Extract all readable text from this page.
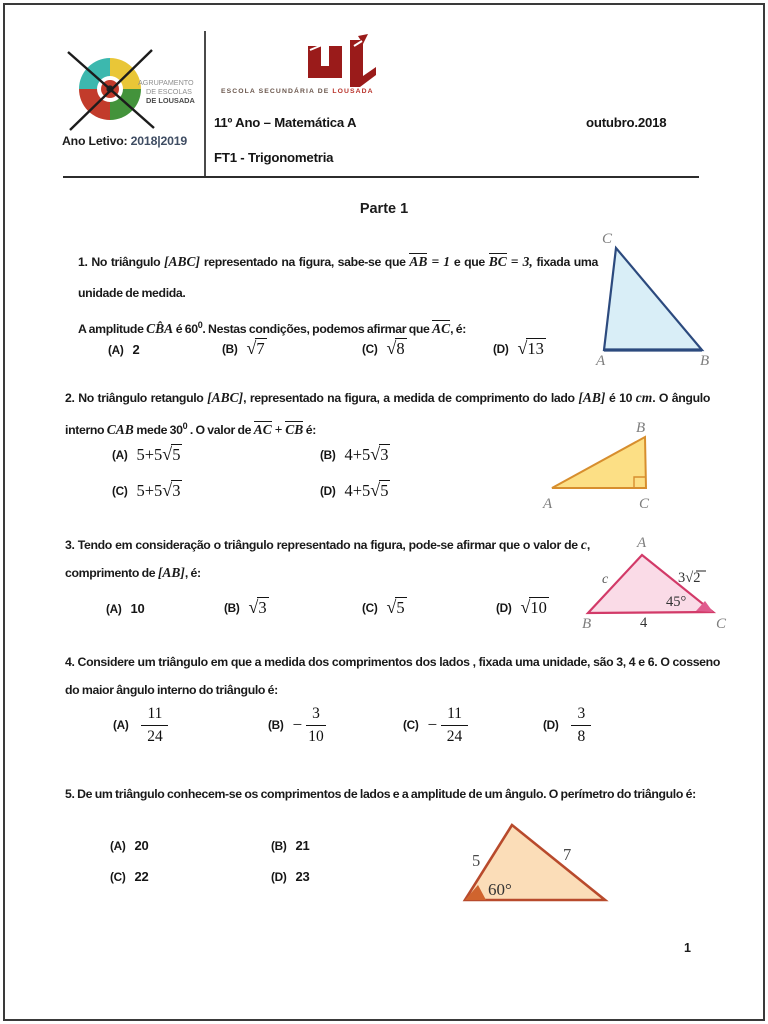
AGRUPAMENTO
DE ESCOLAS
DE LOUSADA
Ano Letivo: 2018|2019
ESCOLA SECUNDÁRIA DE LOUSADA
11º Ano – Matemática A	outubro.2018
FT1 - Trigonometria
Parte 1
1. No triângulo [ABC] representado na figura, sabe-se que AB = 1 e que BC = 3, fixada uma unidade de medida.
A amplitude CB̂A é $60^0$. Nestas condições, podemos afirmar que AC, é:
(A) 2	(B) √ 7	(C) √ 8	(D) √ 13
C
A	B
2. No triângulo retangulo [ABC], representado na figura, a medida de comprimento do lado [AB] é 10 cm. O ângulo interno CAB mede $30^0$ . O valor de AC + CB é:
(A) 5+5 √ 5	(B) 4+5 √ 3
(C) 5+5 √ 3	(D) 4+5 √ 5
A	C
B
3. Tendo em consideração o triângulo representado na figura, pode-se afirmar que o valor de c, comprimento de [AB], é:
(A) 10	(B) √ 3	(C) √ 5	(D) √ 10
A
B	C
c	3√2
45°
4
4. Considere um triângulo em que a medida dos comprimentos dos lados , fixada uma unidade, são 3, 4 e 6. O cosseno do maior ângulo interno do triângulo é:
$(A) \frac{11}{24}$	$(B) - \frac{3}{10}$	$(C) - \frac{11}{24}$	$(D) \frac{3}{8}$
5. De um triângulo conhecem-se os comprimentos de lados e a amplitude de um ângulo. O perímetro do triângulo é:
(A) 20	(B) 21
(C) 22	(D) 23
5	7
60°
1
